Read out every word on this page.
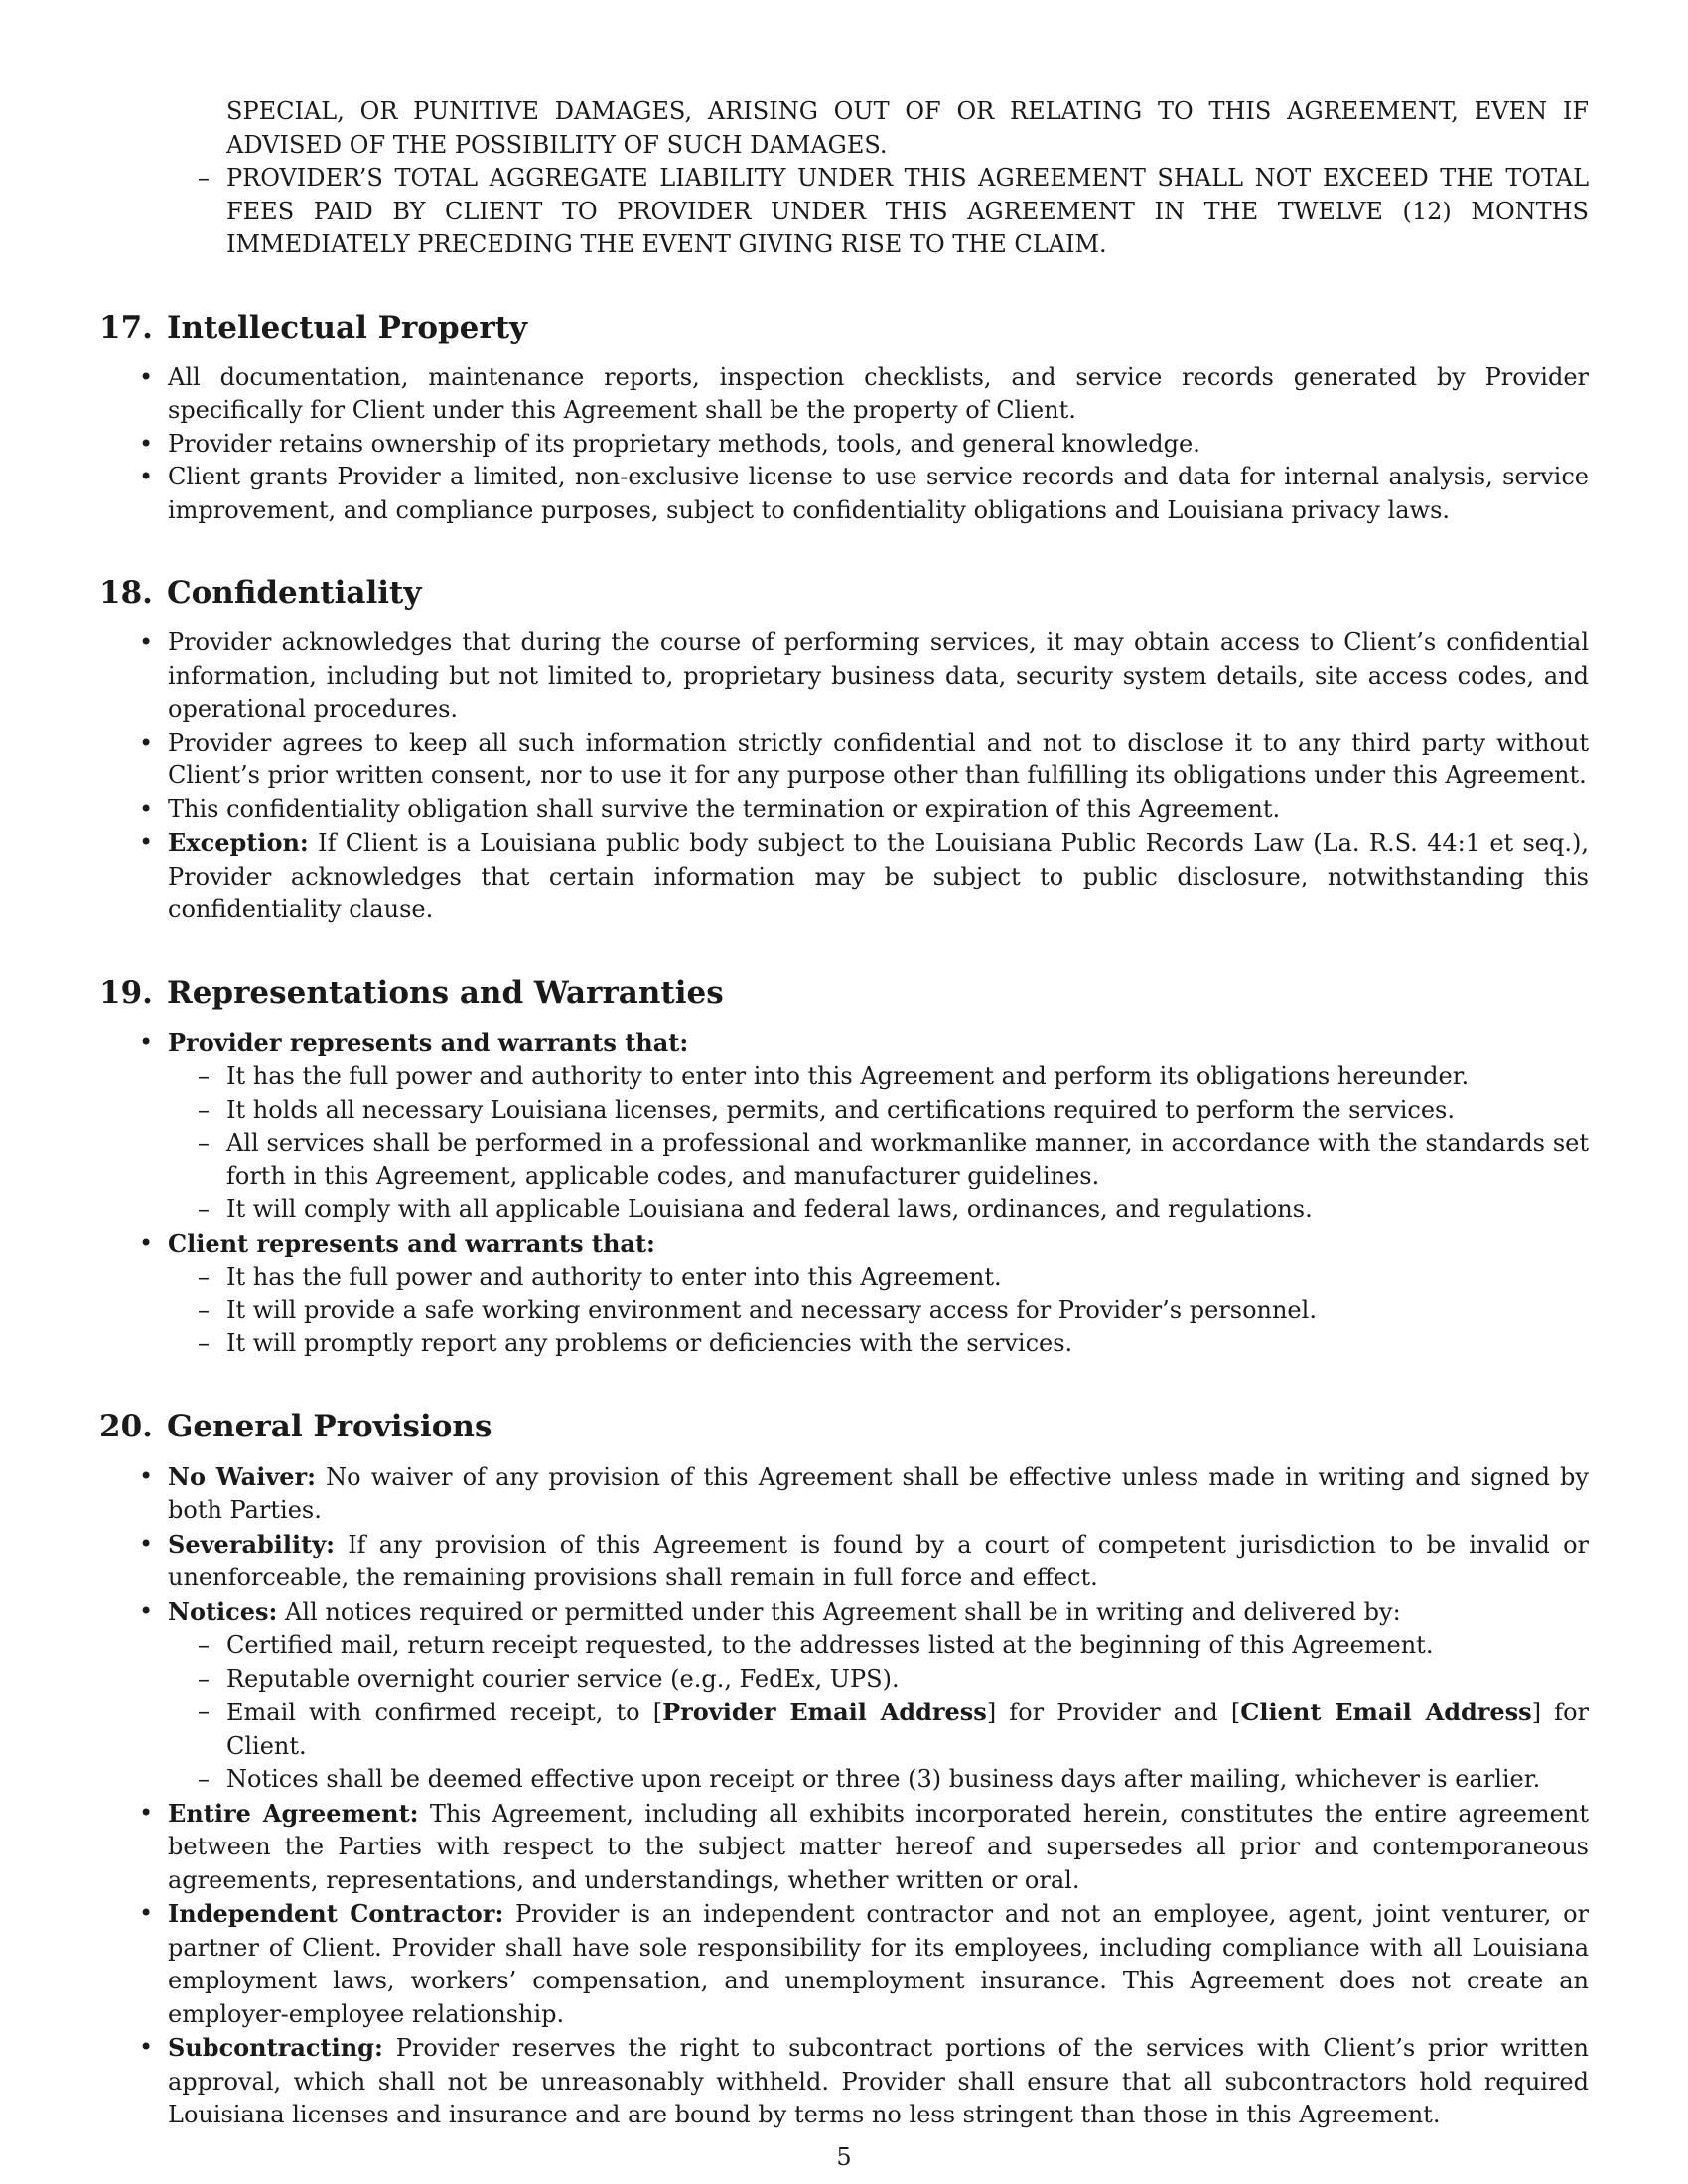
SPECIAL, OR PUNITIVE DAMAGES, ARISING OUT OF OR RELATING TO THIS AGREEMENT, EVEN IF ADVISED OF THE POSSIBILITY OF SUCH DAMAGES.

– PROVIDER’S TOTAL AGGREGATE LIABILITY UNDER THIS AGREEMENT SHALL NOT EXCEED THE TOTAL FEES PAID BY CLIENT TO PROVIDER UNDER THIS AGREEMENT IN THE TWELVE (12) MONTHS IMMEDIATELY PRECEDING THE EVENT GIVING RISE TO THE CLAIM.
17. Intellectual Property
• All documentation, maintenance reports, inspection checklists, and service records generated by Provider specifically for Client under this Agreement shall be the property of Client.
• Provider retains ownership of its proprietary methods, tools, and general knowledge.
• Client grants Provider a limited, non-exclusive license to use service records and data for internal analysis, service improvement, and compliance purposes, subject to confidentiality obligations and Louisiana privacy laws.
18. Confidentiality
• Provider acknowledges that during the course of performing services, it may obtain access to Client’s confidential information, including but not limited to, proprietary business data, security system details, site access codes, and operational procedures.
• Provider agrees to keep all such information strictly confidential and not to disclose it to any third party without Client’s prior written consent, nor to use it for any purpose other than fulfilling its obligations under this Agreement.
• This confidentiality obligation shall survive the termination or expiration of this Agreement.
• Exception: If Client is a Louisiana public body subject to the Louisiana Public Records Law (La. R.S. 44:1 et seq.), Provider acknowledges that certain information may be subject to public disclosure, notwithstanding this confidentiality clause.
19. Representations and Warranties
• Provider represents and warrants that:
– It has the full power and authority to enter into this Agreement and perform its obligations hereunder.
– It holds all necessary Louisiana licenses, permits, and certifications required to perform the services.
– All services shall be performed in a professional and workmanlike manner, in accordance with the standards set forth in this Agreement, applicable codes, and manufacturer guidelines.
– It will comply with all applicable Louisiana and federal laws, ordinances, and regulations.
• Client represents and warrants that:
– It has the full power and authority to enter into this Agreement.
– It will provide a safe working environment and necessary access for Provider’s personnel.
– It will promptly report any problems or deficiencies with the services.
20. General Provisions
• No Waiver: No waiver of any provision of this Agreement shall be effective unless made in writing and signed by both Parties.
• Severability: If any provision of this Agreement is found by a court of competent jurisdiction to be invalid or unenforceable, the remaining provisions shall remain in full force and effect.
• Notices: All notices required or permitted under this Agreement shall be in writing and delivered by:
– Certified mail, return receipt requested, to the addresses listed at the beginning of this Agreement.
– Reputable overnight courier service (e.g., FedEx, UPS).
– Email with confirmed receipt, to [Provider Email Address] for Provider and [Client Email Address] for Client.
– Notices shall be deemed effective upon receipt or three (3) business days after mailing, whichever is earlier.
• Entire Agreement: This Agreement, including all exhibits incorporated herein, constitutes the entire agreement between the Parties with respect to the subject matter hereof and supersedes all prior and contemporaneous agreements, representations, and understandings, whether written or oral.
• Independent Contractor: Provider is an independent contractor and not an employee, agent, joint venturer, or partner of Client. Provider shall have sole responsibility for its employees, including compliance with all Louisiana employment laws, workers’ compensation, and unemployment insurance. This Agreement does not create an employer-employee relationship.
• Subcontracting: Provider reserves the right to subcontract portions of the services with Client’s prior written approval, which shall not be unreasonably withheld. Provider shall ensure that all subcontractors hold required Louisiana licenses and insurance and are bound by terms no less stringent than those in this Agreement.
5
